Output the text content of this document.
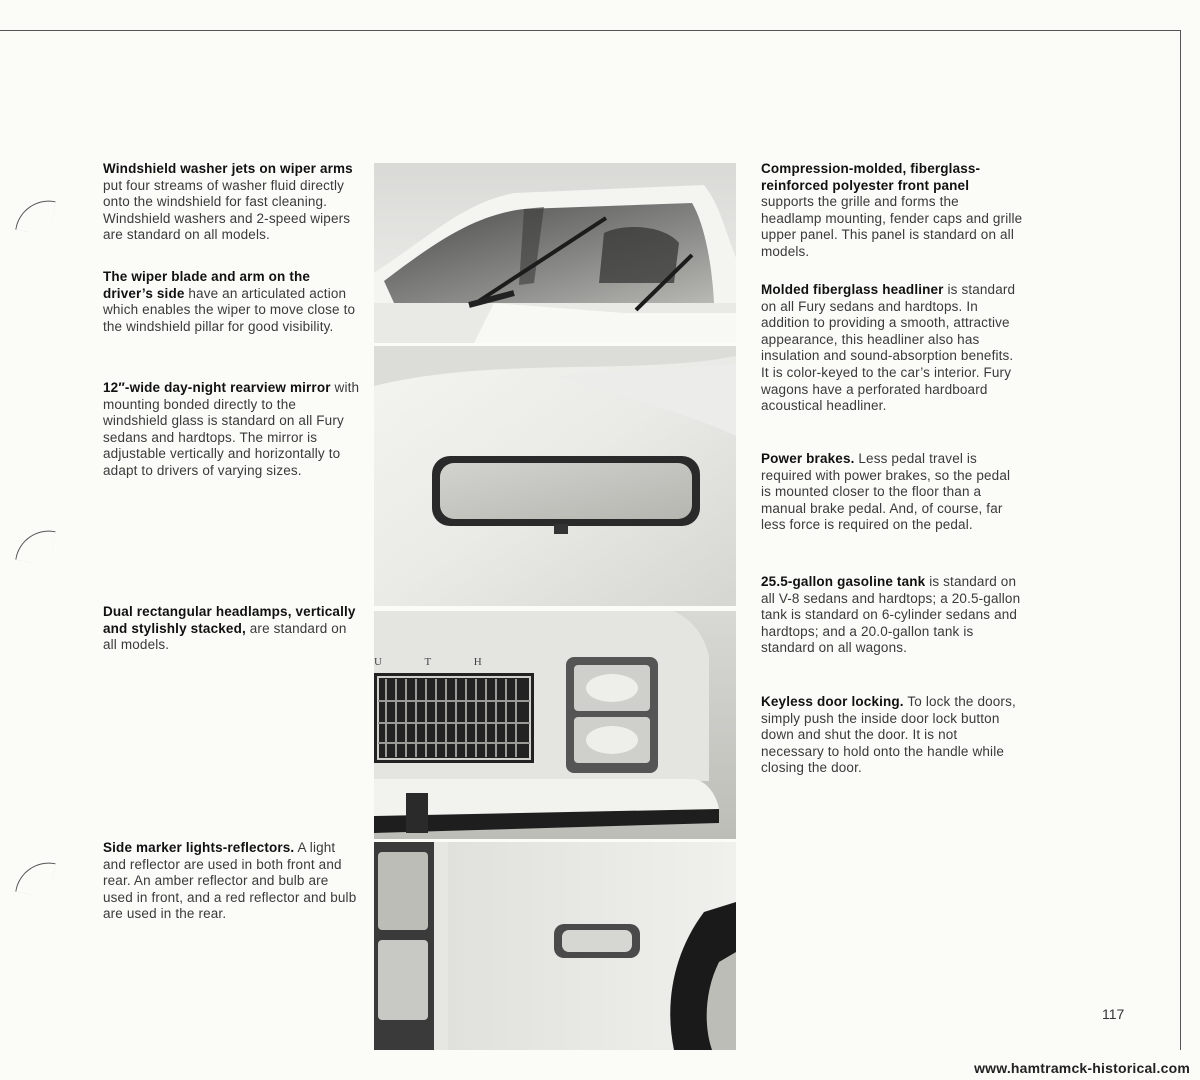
Windshield washer jets on wiper arms put four streams of washer fluid directly onto the windshield for fast cleaning. Windshield washers and 2-speed wipers are standard on all models.
The wiper blade and arm on the driver’s side have an articulated action which enables the wiper to move close to the windshield pillar for good visibility.
12″-wide day-night rearview mirror with mounting bonded directly to the windshield glass is standard on all Fury sedans and hardtops. The mirror is adjustable vertically and horizontally to adapt to drivers of varying sizes.
Dual rectangular headlamps, vertically and stylishly stacked, are standard on all models.
Side marker lights-reflectors. A light and reflector are used in both front and rear. An amber reflector and bulb are used in front, and a red reflector and bulb are used in the rear.
U T H
Compression-molded, fiberglass-reinforced polyester front panel supports the grille and forms the headlamp mounting, fender caps and grille upper panel. This panel is standard on all models.
Molded fiberglass headliner is standard on all Fury sedans and hardtops. In addition to providing a smooth, attractive appearance, this headliner also has insulation and sound-absorption benefits. It is color-keyed to the car’s interior. Fury wagons have a perforated hardboard acoustical headliner.
Power brakes. Less pedal travel is required with power brakes, so the pedal is mounted closer to the floor than a manual brake pedal. And, of course, far less force is required on the pedal.
25.5-gallon gasoline tank is standard on all V-8 sedans and hardtops; a 20.5-gallon tank is standard on 6-cylinder sedans and hardtops; and a 20.0-gallon tank is standard on all wagons.
Keyless door locking. To lock the doors, simply push the inside door lock button down and shut the door. It is not necessary to hold onto the handle while closing the door.
117
www.hamtramck-historical.com
